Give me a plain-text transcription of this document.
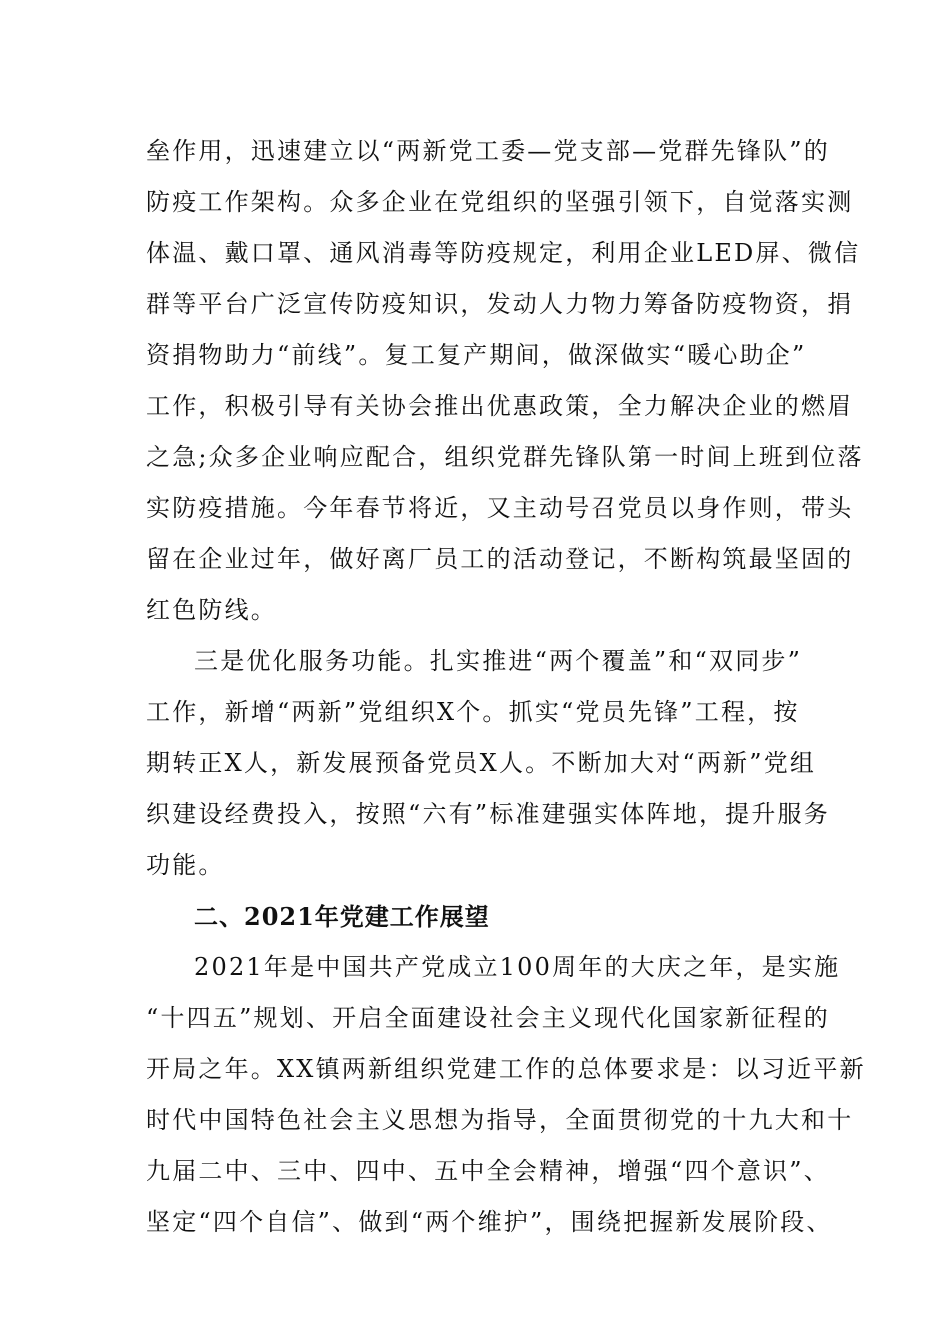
垒作用，迅速建立以“两新党工委—党支部—党群先锋队”的

防疫工作架构。众多企业在党组织的坚强引领下，自觉落实测

体温、戴口罩、通风消毒等防疫规定，利用企业LED屏、微信

群等平台广泛宣传防疫知识，发动人力物力筹备防疫物资，捐

资捐物助力“前线”。复工复产期间，做深做实“暖心助企”

工作，积极引导有关协会推出优惠政策，全力解决企业的燃眉

之急;众多企业响应配合，组织党群先锋队第一时间上班到位落

实防疫措施。今年春节将近，又主动号召党员以身作则，带头

留在企业过年，做好离厂员工的活动登记，不断构筑最坚固的

红色防线。

三是优化服务功能。扎实推进“两个覆盖”和“双同步”

工作，新增“两新”党组织X个。抓实“党员先锋”工程，按

期转正X人，新发展预备党员X人。不断加大对“两新”党组

织建设经费投入，按照“六有”标准建强实体阵地，提升服务

功能。

二、2021年党建工作展望

2021年是中国共产党成立100周年的大庆之年，是实施

“十四五”规划、开启全面建设社会主义现代化国家新征程的

开局之年。XX镇两新组织党建工作的总体要求是：以习近平新

时代中国特色社会主义思想为指导，全面贯彻党的十九大和十

九届二中、三中、四中、五中全会精神，增强“四个意识”、

坚定“四个自信”、做到“两个维护”，围绕把握新发展阶段、
